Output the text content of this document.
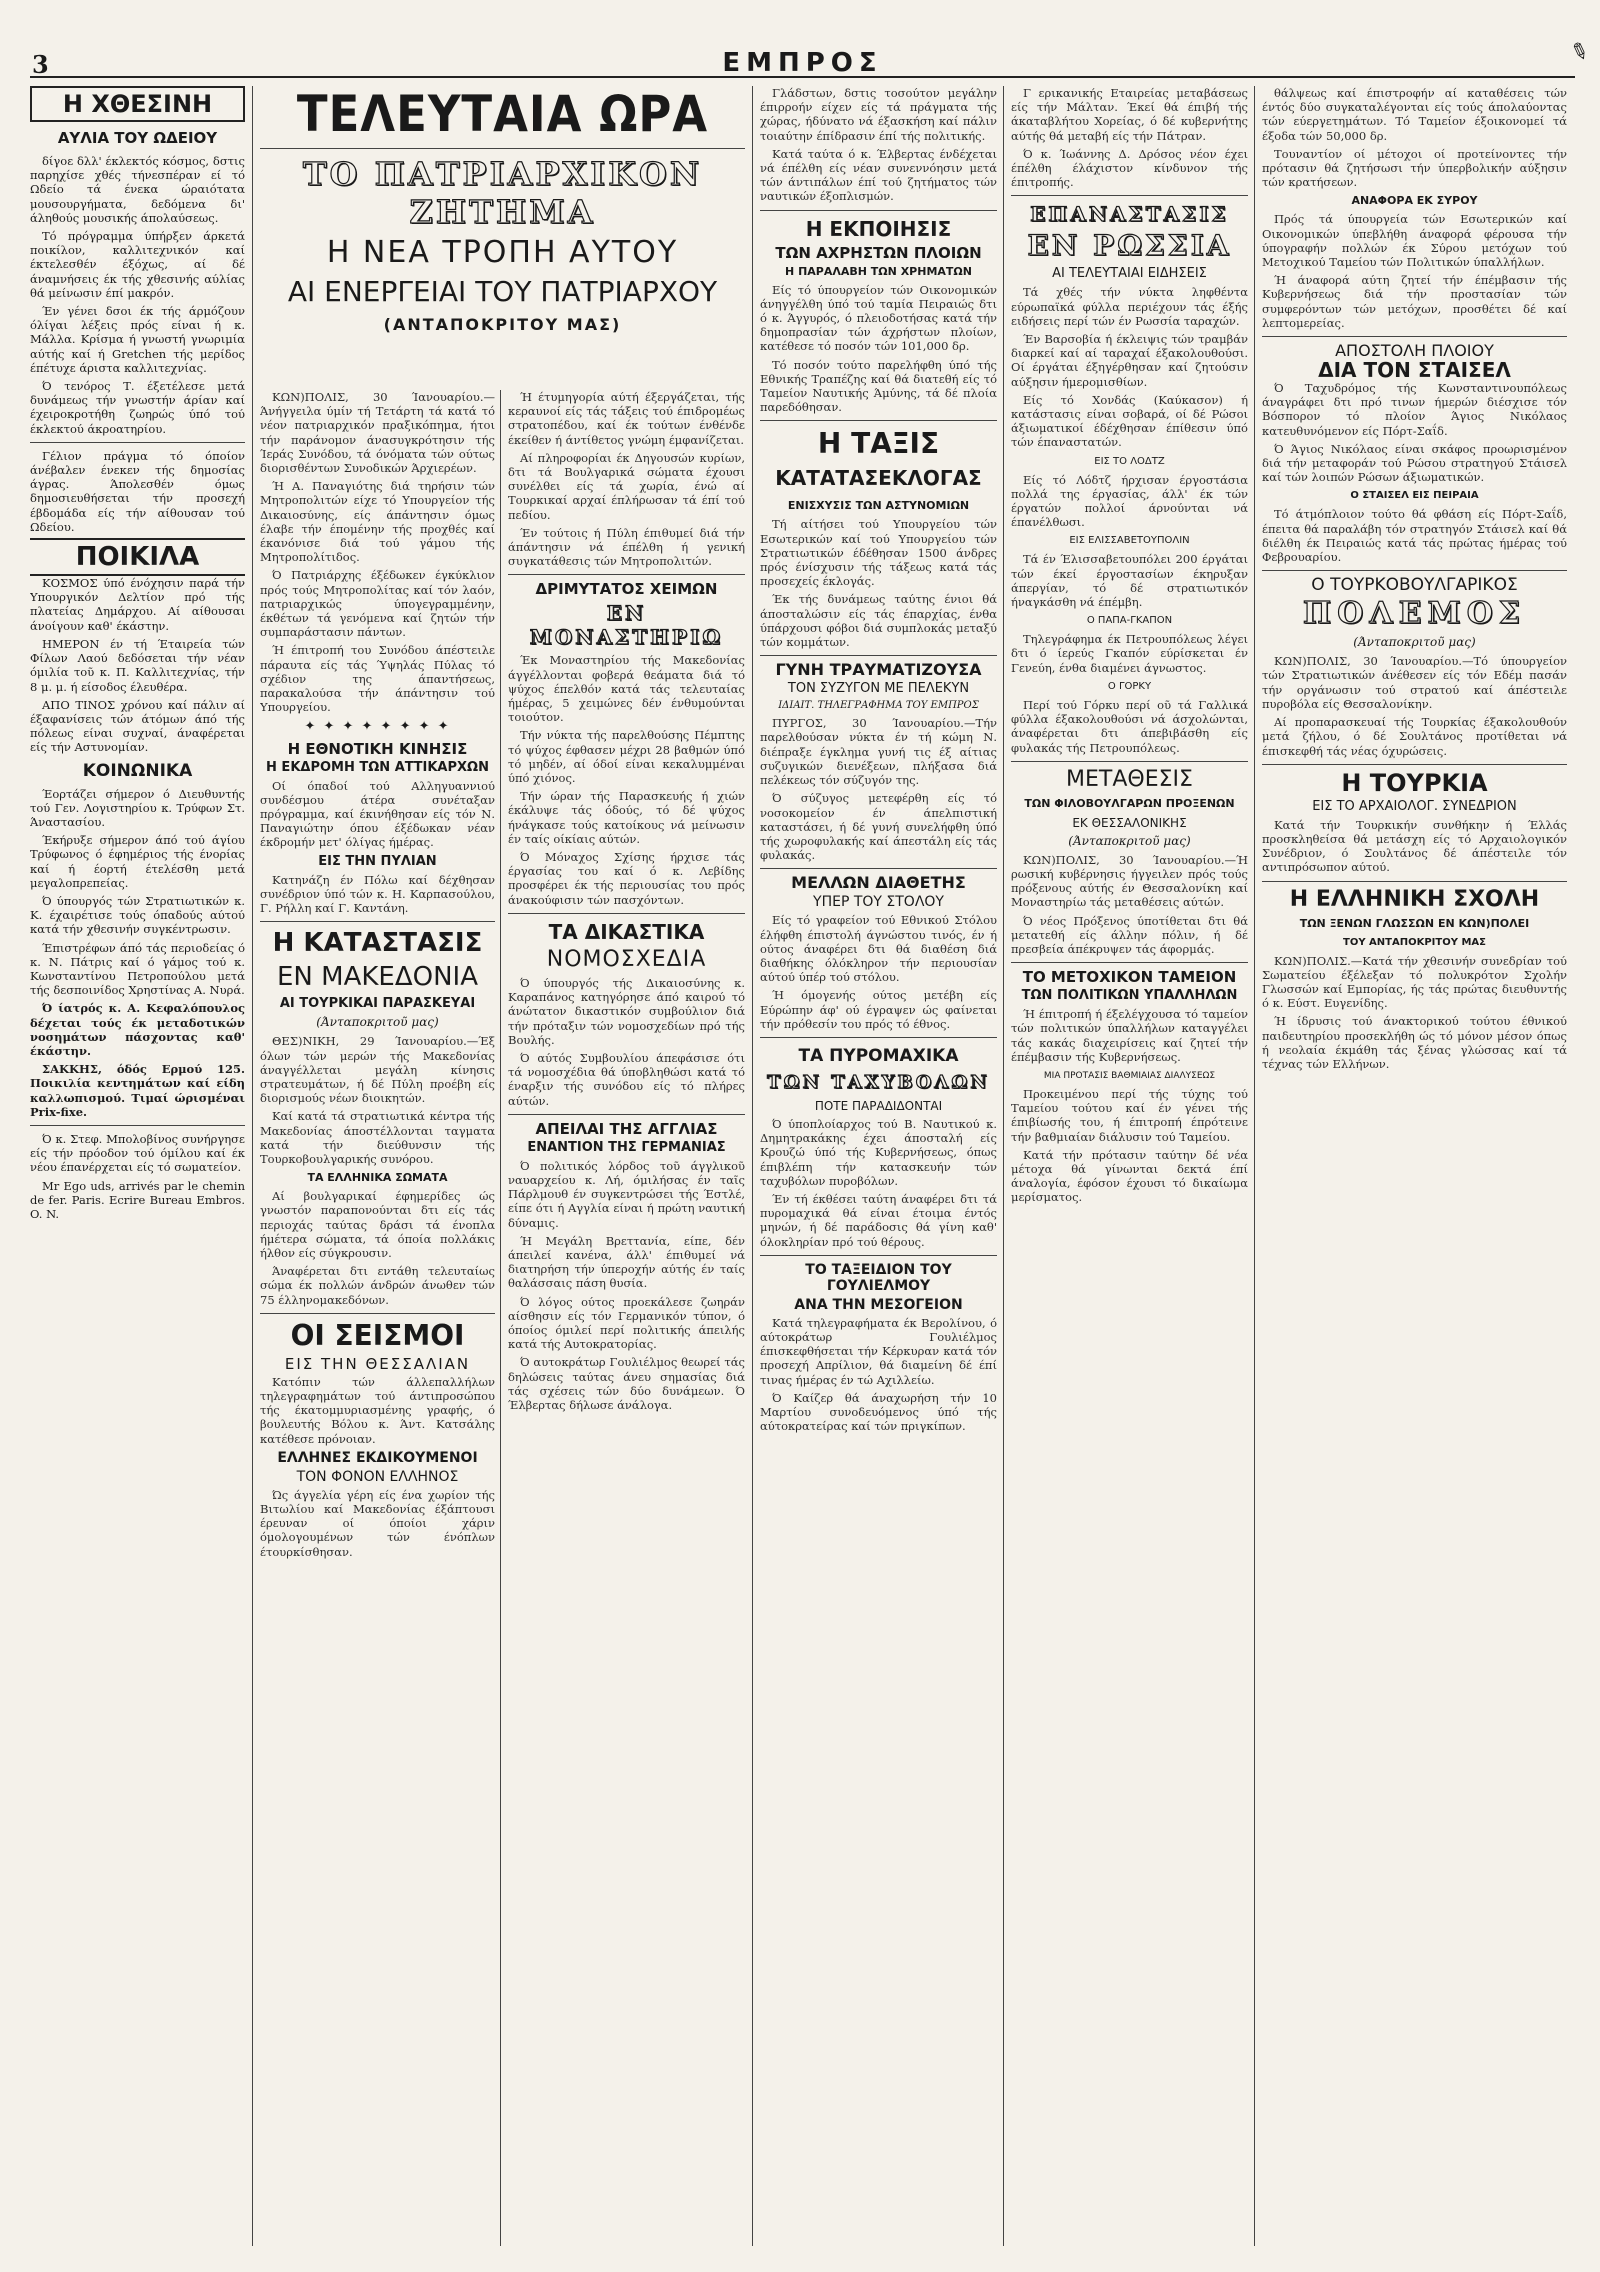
3	ΕΜΠΡΟΣ	✎
Η ΧΘΕΣΙΝΗ
ΑΥΛΙΑ ΤΟΥ ΩΔΕΙΟΥ

δίγοε δλλ' έκλεκτός κόσμος, δστις παρηχίσε χθές τήνεσπέραν εί τό Ωδείο τά ένεκα ώραιότατα μουσουργήματα, δεδόμενα δι' άληθούς μουσικής άπολαύσεως.

Τό πρόγραμμα ύπήρξεν άρκετά ποικίλον, καλλιτεχνικόν καί έκτελεσθέν έξόχως, αί δέ άναμνήσεις έκ τής χθεσινής αύλίας θά μείνωσιν έπί μακρόν.

Έν γένει δσοι έκ τής άρμόζουν όλίγαι λέξεις πρός είναι ή κ. Μάλλα. Κρίσμα ή γνωστή γνωριμία αύτής καί ή Gretchen τής μερίδος έπέτυχε άριστα καλλιτεχνίας.

Ό τενόρος Τ. έξετέλεσε μετά δυνάμεως τήν γνωστήν άρίαν καί έχειροκροτήθη ζωηρώς ύπό τού έκλεκτού άκροατηρίου.

Γέλιον πράγμα τό όποίον άνέβαλεν ένεκεν τής δημοσίας άγρας. Άπολεσθέν όμως δημοσιευθήσεται τήν προσεχή έβδομάδα είς τήν αίθουσαν τού Ωδείου.

ΠΟΙΚΙΛΑ

ΚΟΣΜΟΣ ύπό ένόχησιν παρά τήν Υπουργικόν Δελτίον πρό τής πλατείας Δημάρχου. Αί αίθουσαι άνοίγουν καθ' έκάστην.

ΗΜΕΡΟΝ έν τή Έταιρεία τών Φίλων Λαού δεδόσεται τήν νέαν όμιλία τοῦ κ. Π. Καλλιτεχνίας, τήν 8 μ. μ. ή είσοδος έλευθέρα.

ΑΠΟ ΤΙΝΟΣ χρόνου καί πάλιν αί έξαφανίσεις τών άτόμων άπό τής πόλεως είναι συχναί, άναφέρεται είς τήν Αστυνομίαν.

ΚΟΙΝΩΝΙΚΑ

Έορτάζει σήμερον ό Διευθυντής τού Γεν. Λογιστηρίου κ. Τρύφων Στ. Άναστασίου.

Έκήρυξε σήμερον άπό τού άγίου Τρύφωνος ό έφημέριος τής ένορίας καί ή έορτή έτελέσθη μετά μεγαλοπρεπείας.

Ό ύπουργός τών Στρατιωτικών κ. Κ. έχαιρέτισε τούς όπαδούς αύτού κατά τήν χθεσινήν συγκέντρωσιν.

Έπιστρέφων άπό τάς περιοδείας ό κ. Ν. Πάτρις καί ό γάμος τού κ. Κωνσταντίνου Πετροπούλου μετά τής δεσποινίδος Χρηστίνας Α. Νυρά.

Ό ίατρός κ. Α. Κεφαλόπουλος δέχεται τούς έκ μεταδοτικών νοσημάτων πάσχοντας καθ' έκάστην.

ΣΑΚΚΗΣ, όδός Ερμού 125. Ποικιλία κεντημάτων καί είδη καλλωπισμού. Τιμαί ώρισμέναι Prix-fixe.

Ό κ. Στεφ. Μπολοβίνος συνήργησε είς τήν πρόοδον τού όμίλου καί έκ νέου έπανέρχεται είς τό σωματείον.

Mr Ego uds, arrivés par le chemin de fer. Paris. Ecrire Bureau Embros. O. N.

ΤΕΛΕΥΤΑΙΑ ΩΡΑ
ΤΟ ΠΑΤΡΙΑΡΧΙΚΟΝ ΖΗΤΗΜΑ
Η ΝΕΑ ΤΡΟΠΗ ΑΥΤΟΥ
ΑΙ ΕΝΕΡΓΕΙΑΙ ΤΟΥ ΠΑΤΡΙΑΡΧΟΥ
(ΑΝΤΑΠΟΚΡΙΤΟΥ ΜΑΣ)

ΚΩΝ)ΠΟΛΙΣ, 30 Ίανουαρίου.—Άνήγγειλα ύμίν τή Τετάρτη τά κατά τό νέον πατριαρχικόν πραξικόπημα, ήτοι τήν παράνομον άνασυγκρότησιν τής Ίεράς Συνόδου, τά όνόματα τών ούτως διορισθέντων Συνοδικών Άρχιερέων.

Ή Α. Παναγιότης διά τηρήσιν τών Μητροπολιτών είχε τό Υπουργείον τής Δικαιοσύνης, είς άπάντησιν όμως έλαβε τήν έπομένην τής προχθές καί έκανόνισε διά τού γάμου τής Μητροπολίτιδος.

Ό Πατριάρχης έξέδωκεν έγκύκλιον πρός τούς Μητροπολίτας καί τόν λαόν, πατριαρχικώς ύπογεγραμμένην, έκθέτων τά γενόμενα καί ζητών τήν συμπαράστασιν πάντων.

Ή έπιτροπή του Συνόδου άπέστειλε πάραυτα είς τάς Ύψηλάς Πύλας τό σχέδιον της άπαντήσεως, παρακαλούσα τήν άπάντησιν τού Υπουργείου.

✦ ✦ ✦ ✦ ✦ ✦ ✦ ✦
Η ΕΘΝΟΤΙΚΗ ΚΙΝΗΣΙΣ
Η ΕΚΔΡΟΜΗ ΤΩΝ ΑΤΤΙΚΑΡΧΩΝ

Οί όπαδοί τού Αλληγυαννιού συνδέσμου άτέρα συνέταξαν πρόγραμμα, καί έκινήθησαν είς τόν Ν. Παναγιώτην όπου έξέδωκαν νέαν έκδρομήν μετ' όλίγας ήμέρας.

ΕΙΣ ΤΗΝ ΠΥΛΙΑΝ

Κατηνάζη έν Πόλω καί δέχθησαν συνέδριον ύπό τών κ. Η. Καρπασούλου, Γ. Ρήλλη καί Γ. Καντάνη.

Η ΚΑΤΑΣΤΑΣΙΣ
ΕΝ ΜΑΚΕΔΟΝΙΑ
ΑΙ ΤΟΥΡΚΙΚΑΙ ΠΑΡΑΣΚΕΥΑΙ
(Άνταποκριτοῦ μας)

ΘΕΣ)ΝΙΚΗ, 29 Ίανουαρίου.—Έξ όλων τών μερών τής Μακεδονίας άναγγέλλεται μεγάλη κίνησις στρατευμάτων, ή δέ Πύλη προέβη είς διορισμούς νέων διοικητών.

Καί κατά τά στρατιωτικά κέντρα τής Μακεδονίας άποστέλλονται ταγματα κατά τήν διεύθυνσιν τής Τουρκοβουλγαρικής συνόρου.

ΤΑ ΕΛΛΗΝΙΚΑ ΣΩΜΑΤΑ

Αί βουλγαρικαί έφημερίδες ώς γνωστόν παραπονούνται δτι είς τάς περιοχάς ταύτας δράσι τά ένοπλα ήμέτερα σώματα, τά όποία πολλάκις ήλθον είς σύγκρουσιν.

Άναφέρεται δτι εντάθη τελευταίως σώμα έκ πολλών άνδρών άνωθεν τών 75 έλληνομακεδόνων.

ΟΙ ΣΕΙΣΜΟΙ
ΕΙΣ ΤΗΝ ΘΕΣΣΑΛΙΑΝ

Κατόπιν τών άλλεπαλλήλων τηλεγραφημάτων τού άντιπροσώπου τής έκατομμυριασμένης γραφής, ό βουλευτής Βόλου κ. Άντ. Κατσάλης κατέθεσε πρόνοιαν.

ΕΛΛΗΝΕΣ ΕΚΔΙΚΟΥΜΕΝΟΙ
ΤΟΝ ΦΟΝΟΝ ΕΛΛΗΝΟΣ

Ώς άγγελία γέρη είς ένα χωρίον τής Βιτωλίου καί Μακεδονίας έξάπτουσι έρευναν οί όποίοι χάριν όμολογουμένων τών ένόπλων έτουρκίσθησαν.

Ή έτυμηγορία αύτή έξεργάζεται, τής κεραυνοί είς τάς τάξεις τού έπιδρομέως στρατοπέδου, καί έκ τούτων ένθένδε έκείθεν ή άντίθετος γνώμη έμφανίζεται.

Αί πληροφορίαι έκ Δηγουσών κυρίων, δτι τά Βουλγαρικά σώματα έχουσι συνέλθει είς τά χωρία, ένώ αί Τουρκικαί αρχαί έπλήρωσαν τά έπί τού πεδίου.

Έν τούτοις ή Πύλη έπιθυμεί διά τήν άπάντησιν νά έπέλθη ή γενική συγκατάθεσις τών Μητροπολιτών.

ΔΡΙΜΥΤΑΤΟΣ ΧΕΙΜΩΝ
ΕΝ ΜΟΝΑΣΤΗΡΙΩ

Έκ Μοναστηρίου τής Μακεδονίας άγγέλλονται φοβερά θεάματα διά τό ψύχος έπελθόν κατά τάς τελευταίας ήμέρας, 5 χειμώνες δέν ένθυμούνται τοιούτον.

Τήν νύκτα τής παρελθούσης Πέμπτης τό ψύχος έφθασεν μέχρι 28 βαθμών ύπό τό μηδέν, αί όδοί είναι κεκαλυμμέναι ύπό χιόνος.

Τήν ώραν τής Παρασκευής ή χιών έκάλυψε τάς όδούς, τό δέ ψύχος ήνάγκασε τούς κατοίκους νά μείνωσιν έν ταίς οίκίαις αύτών.

Ό Μόναχος Σχίσης ήρχισε τάς έργασίας του καί ό κ. Λεβίδης προσφέρει έκ τής περιουσίας του πρός άνακούφισιν τών πασχόντων.

ΤΑ ΔΙΚΑΣΤΙΚΑ
ΝΟΜΟΣΧΕΔΙΑ

Ό ύπουργός τής Δικαιοσύνης κ. Καραπάνος κατηγόρησε άπό καιρού τό άνώτατον δικαστικόν συμβούλιον διά τήν πρόταξιν τών νομοσχεδίων πρό τής Βουλής.

Ό αύτός Συμβουλίου άπεφάσισε ότι τά νομοσχέδια θά ύποβληθώσι κατά τό έναρξιν τής συνόδου είς τό πλήρες αύτών.

ΑΠΕΙΛΑΙ ΤΗΣ ΑΓΓΛΙΑΣ
ΕΝΑΝΤΙΟΝ ΤΗΣ ΓΕΡΜΑΝΙΑΣ

Ό πολιτικός λόρδος τοῦ άγγλικοῦ ναυαρχείου κ. Λή, όμιλήσας έν ταῖς Πάρλμουθ έν συγκεντρώσει τής Έστλέ, είπε ότι ή Αγγλία είναι ή πρώτη ναυτική δύναμις.

Ή Μεγάλη Βρεττανία, είπε, δέν άπειλεί κανένα, άλλ' έπιθυμεί νά διατηρήση τήν ύπεροχήν αύτής έν ταίς θαλάσσαις πάση θυσία.

Ό λόγος ούτος προεκάλεσε ζωηράν αίσθησιν είς τόν Γερμανικόν τύπον, ό όποίος όμιλεί περί πολιτικής άπειλής κατά τής Αυτοκρατορίας.

Ό αυτοκράτωρ Γουλιέλμος θεωρεί τάς δηλώσεις ταύτας άνευ σημασίας διά τάς σχέσεις τών δύο δυνάμεων. Ό Έλβερτας δήλωσε άνάλογα.

Γλάδστων, δστις τοσούτον μεγάλην έπιρροήν είχεν είς τά πράγματα τής χώρας, ήδύνατο νά έξασκήση καί πάλιν τοιαύτην έπίδρασιν έπί τής πολιτικής.

Κατά ταύτα ό κ. Έλβερτας ένδέχεται νά έπέλθη είς νέαν συνεννόησιν μετά τών άντιπάλων έπί τού ζητήματος τών ναυτικών έξοπλισμών.

Η ΕΚΠΟΙΗΣΙΣ
ΤΩΝ ΑΧΡΗΣΤΩΝ ΠΛΟΙΩΝ
Η ΠΑΡΑΛΑΒΗ ΤΩΝ ΧΡΗΜΑΤΩΝ

Είς τό ύπουργείον τών Οικονομικών άνηγγέλθη ύπό τού ταμία Πειραιώς δτι ό κ. Άγγυρός, ό πλειοδοτήσας κατά τήν δημοπρασίαν τών άχρήστων πλοίων, κατέθεσε τό ποσόν τών 101,000 δρ.

Τό ποσόν τούτο παρελήφθη ύπό τής Εθνικής Τραπέζης καί θά διατεθή είς τό Ταμείον Ναυτικής Άμύνης, τά δέ πλοία παρεδόθησαν.

Η ΤΑΞΙΣ
ΚΑΤΑΤΑΣΕΚΛΟΓΑΣ
ΕΝΙΣΧΥΣΙΣ ΤΩΝ ΑΣΤΥΝΟΜΙΩΝ

Τή αίτήσει τού Υπουργείου τών Εσωτερικών καί τού Υπουργείου τών Στρατιωτικών έδέθησαν 1500 άνδρες πρός ένίσχυσιν τής τάξεως κατά τάς προσεχείς έκλογάς.

Έκ τής δυνάμεως ταύτης ένιοι θά άποσταλώσιν είς τάς έπαρχίας, ένθα ύπάρχουσι φόβοι διά συμπλοκάς μεταξύ τών κομμάτων.

ΓΥΝΗ ΤΡΑΥΜΑΤΙΖΟΥΣΑ
ΤΟΝ ΣΥΖΥΓΟΝ ΜΕ ΠΕΛΕΚΥΝ
ΙΔΙΑΙΤ. ΤΗΛΕΓΡΑΦΗΜΑ ΤΟΥ ΕΜΠΡΟΣ

ΠΥΡΓΟΣ, 30 Ίανουαρίου.—Τήν παρελθούσαν νύκτα έν τή κώμη Ν. διέπραξε έγκλημα γυνή τις έξ αίτιας συζυγικών διενέξεων, πλήξασα διά πελέκεως τόν σύζυγόν της.

Ό σύζυγος μετεφέρθη είς τό νοσοκομείον έν άπελπιστική καταστάσει, ή δέ γυνή συνελήφθη ύπό τής χωροφυλακής καί άπεστάλη είς τάς φυλακάς.

ΜΕΛΛΩΝ ΔΙΑΘΕΤΗΣ
ΥΠΕΡ ΤΟΥ ΣΤΟΛΟΥ

Είς τό γραφείον τού Εθνικού Στόλου έλήφθη έπιστολή άγνώστου τινός, έν ή ούτος άναφέρει δτι θά διαθέση διά διαθήκης όλόκληρον τήν περιουσίαν αύτού ύπέρ τού στόλου.

Ή όμογενής ούτος μετέβη είς Εύρώπην άφ' ού έγραψεν ώς φαίνεται τήν πρόθεσίν του πρός τό έθνος.

ΤΑ ΠΥΡΟΜΑΧΙΚΑ
ΤΩΝ ΤΑΧΥΒΟΛΩΝ
ΠΟΤΕ ΠΑΡΑΔΙΔΟΝΤΑΙ

Ό ύποπλοίαρχος τού Β. Ναυτικού κ. Δημητρακάκης έχει άποσταλή είς Κρουζώ ύπό τής Κυβερνήσεως, όπως έπιβλέπη τήν κατασκευήν τών ταχυβόλων πυροβόλων.

Έν τή έκθέσει ταύτη άναφέρει δτι τά πυρομαχικά θά είναι έτοιμα έντός μηνών, ή δέ παράδοσις θά γίνη καθ' όλοκληρίαν πρό τού θέρους.

ΤΟ ΤΑΞΕΙΔΙΟΝ ΤΟΥ ΓΟΥΛΙΕΛΜΟΥ
ΑΝΑ ΤΗΝ ΜΕΣΟΓΕΙΟΝ

Κατά τηλεγραφήματα έκ Βερολίνου, ό αύτοκράτωρ Γουλιέλμος έπισκεφθήσεται τήν Κέρκυραν κατά τόν προσεχή Απρίλιον, θά διαμείνη δέ έπί τινας ήμέρας έν τώ Αχιλλείω.

Ό Καίζερ θά άναχωρήση τήν 10 Μαρτίου συνοδευόμενος ύπό τής αύτοκρατείρας καί τών πριγκίπων.

Γ ερικανικής Εταιρείας μεταβάσεως είς τήν Μάλταν. Έκεί θά έπιβή τής άκαταβλήτου Χορείας, ό δέ κυβερνήτης αύτής θά μεταβή είς τήν Πάτραν.

Ό κ. Ίωάννης Δ. Δρόσος νέον έχει έπέλθη έλάχιστον κίνδυνον τής έπιτροπής.

ΕΠΑΝΑΣΤΑΣΙΣ
ΕΝ ΡΩΣΣΙΑ
ΑΙ ΤΕΛΕΥΤΑΙΑΙ ΕΙΔΗΣΕΙΣ

Τά χθές τήν νύκτα ληφθέντα εύρωπαϊκά φύλλα περιέχουν τάς έξής ειδήσεις περί τών έν Ρωσσία ταραχών.

Έν Βαρσοβία ή έκλειψις τών τραμβάν διαρκεί καί αί ταραχαί έξακολουθούσι. Οί έργάται έξηγέρθησαν καί ζητούσιν αύξησιν ήμερομισθίων.

Είς τό Χονδάς (Καύκασον) ή κατάστασις είναι σοβαρά, οί δέ Ρώσοι άξιωματικοί έδέχθησαν έπίθεσιν ύπό τών έπαναστατών.

ΕΙΣ ΤΟ ΛΟΔΤΖ

Είς τό Λόδτζ ήρχισαν έργοστάσια πολλά της έργασίας, άλλ' έκ τών έργατών πολλοί άρνούνται νά έπανέλθωσι.

ΕΙΣ ΕΛΙΣΣΑΒΕΤΟΥΠΟΛΙΝ

Τά έν Έλισσαβετουπόλει 200 έργάται τών έκεί έργοστασίων έκηρυξαν άπεργίαν, τό δέ στρατιωτικόν ήναγκάσθη νά έπέμβη.

Ο ΠΑΠΑ-ΓΚΑΠΟΝ

Τηλεγράφημα έκ Πετρουπόλεως λέγει δτι ό ίερεύς Γκαπόν εύρίσκεται έν Γενεύη, ένθα διαμένει άγνωστος.

Ο ΓΟΡΚΥ

Περί τού Γόρκυ περί οῦ τά Γαλλικά φύλλα έξακολουθούσι νά άσχολώνται, άναφέρεται δτι άπεβιβάσθη είς φυλακάς τής Πετρουπόλεως.

ΜΕΤΑΘΕΣΙΣ
ΤΩΝ ΦΙΛΟΒΟΥΛΓΑΡΩΝ ΠΡΟΞΕΝΩΝ
ΕΚ ΘΕΣΣΑΛΟΝΙΚΗΣ
(Άνταποκριτοῦ μας)

ΚΩΝ)ΠΟΛΙΣ, 30 Ίανουαρίου.—Ή ρωσική κυβέρνησις ήγγειλεν πρός τούς πρόξενους αύτής έν Θεσσαλονίκη καί Μοναστηρίω τάς μεταθέσεις αύτών.

Ό νέος Πρόξενος ύποτίθεται δτι θά μετατεθή είς άλλην πόλιν, ή δέ πρεσβεία άπέκρυψεν τάς άφορμάς.

ΤΟ ΜΕΤΟΧΙΚΟΝ ΤΑΜΕΙΟΝ
ΤΩΝ ΠΟΛΙΤΙΚΩΝ ΥΠΑΛΛΗΛΩΝ

Ή έπιτροπή ή έξελέγχουσα τό ταμείον τών πολιτικών ύπαλλήλων καταγγέλει τάς κακάς διαχειρίσεις καί ζητεί τήν έπέμβασιν τής Κυβερνήσεως.

ΜΙΑ ΠΡΟΤΑΣΙΣ ΒΑΘΜΙΑΙΑΣ ΔΙΑΛΥΣΕΩΣ

Προκειμένου περί τής τύχης τού Ταμείου τούτου καί έν γένει τής έπιβίωσής του, ή έπιτροπή έπρότεινε τήν βαθμιαίαν διάλυσιν τού Ταμείου.

Κατά τήν πρότασιν ταύτην δέ νέα μέτοχα θά γίνωνται δεκτά έπί άναλογία, έφόσον έχουσι τό δικαίωμα μερίσματος.

θάλψεως καί έπιστροφήν αί καταθέσεις τών έντός δύο συγκαταλέγονται είς τούς άπολαύοντας τών εύεργετημάτων. Τό Ταμείον έξοικονομεί τά έξοδα τών 50,000 δρ.

Τουναντίον οί μέτοχοι οί προτείνοντες τήν πρότασιν θά ζητήσωσι τήν ύπερβολικήν αύξησιν τών κρατήσεων.

ΑΝΑΦΟΡΑ ΕΚ ΣΥΡΟΥ

Πρός τά ύπουργεία τών Εσωτερικών καί Οικονομικών ύπεβλήθη άναφορά φέρουσα τήν ύπογραφήν πολλών έκ Σύρου μετόχων τού Μετοχικού Ταμείου τών Πολιτικών ύπαλλήλων.

Ή άναφορά αύτη ζητεί τήν έπέμβασιν τής Κυβερνήσεως διά τήν προστασίαν τών συμφερόντων τών μετόχων, προσθέτει δέ καί λεπτομερείας.

ΑΠΟΣΤΟΛΗ ΠΛΟΙΟΥ
ΔΙΑ ΤΟΝ ΣΤΑΙΣΕΛ

Ό Ταχυδρόμος τής Κωνσταντινουπόλεως άναγράφει δτι πρό τινων ήμερών διέσχισε τόν Βόσπορον τό πλοίον Άγιος Νικόλαος κατευθυνόμενον είς Πόρτ-Σαΐδ.

Ό Άγιος Νικόλαος είναι σκάφος προωρισμένον διά τήν μεταφοράν τού Ρώσου στρατηγού Στάισελ καί τών λοιπών Ρώσων άξιωματικών.

Ο ΣΤΑΙΣΕΛ ΕΙΣ ΠΕΙΡΑΙΑ

Τό άτμόπλοιον τούτο θά φθάση είς Πόρτ-Σαΐδ, έπειτα θά παραλάβη τόν στρατηγόν Στάισελ καί θά διέλθη έκ Πειραιώς κατά τάς πρώτας ήμέρας τού Φεβρουαρίου.

Ο ΤΟΥΡΚΟΒΟΥΛΓΑΡΙΚΟΣ
ΠΟΛΕΜΟΣ
(Άνταποκριτοῦ μας)

ΚΩΝ)ΠΟΛΙΣ, 30 Ίανουαρίου.—Τό ύπουργείον τών Στρατιωτικών άνέθεσεν είς τόν Εδέμ πασάν τήν οργάνωσιν τού στρατού καί άπέστειλε πυροβόλα είς Θεσσαλονίκην.

Αί προπαρασκευαί τής Τουρκίας έξακολουθούν μετά ζήλου, ό δέ Σουλτάνος προτίθεται νά έπισκεφθή τάς νέας όχυρώσεις.

Η ΤΟΥΡΚΙΑ
ΕΙΣ ΤΟ ΑΡΧΑΙΟΛΟΓ. ΣΥΝΕΔΡΙΟΝ

Κατά τήν Τουρκικήν συνθήκην ή Έλλάς προσκληθείσα θά μετάσχη είς τό Αρχαιολογικόν Συνέδριον, ό Σουλτάνος δέ άπέστειλε τόν αντιπρόσωπον αύτού.

Η ΕΛΛΗΝΙΚΗ ΣΧΟΛΗ
ΤΩΝ ΞΕΝΩΝ ΓΛΩΣΣΩΝ ΕΝ ΚΩΝ)ΠΟΛΕΙ
ΤΟΥ ΑΝΤΑΠΟΚΡΙΤΟΥ ΜΑΣ

ΚΩΝ)ΠΟΛΙΣ.—Κατά τήν χθεσινήν συνεδρίαν τού Σωματείου έξέλεξαν τό πολυκρότον Σχολήν Γλωσσών καί Εμπορίας, ής τάς πρώτας διευθυντής ό κ. Εύστ. Ευγενίδης.

Ή ίδρυσις τού άνακτορικού τούτου έθνικού παιδευτηρίου προσεκλήθη ώς τό μόνον μέσον όπως ή νεολαία έκμάθη τάς ξένας γλώσσας καί τά τέχνας τών Ελλήνων.
